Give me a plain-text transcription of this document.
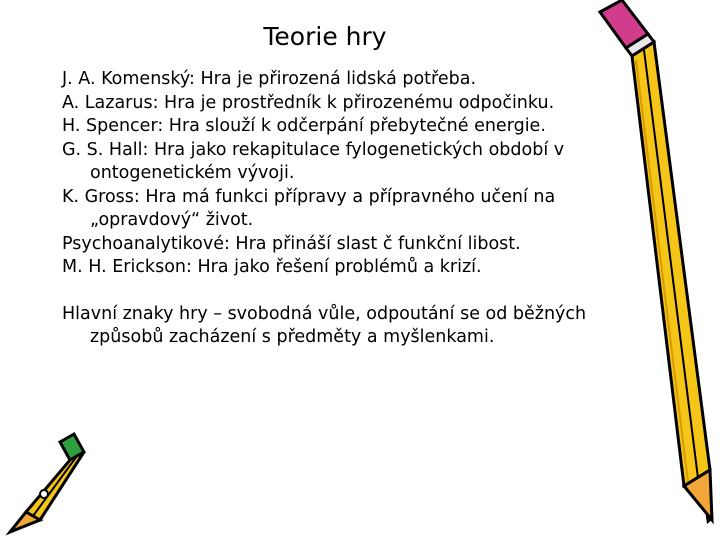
Teorie hry

J. A. Komenský: Hra je přirozená lidská potřeba.

A. Lazarus: Hra je prostředník k přirozenému odpočinku.

H. Spencer: Hra slouží k odčerpání přebytečné energie.

G. S. Hall: Hra jako rekapitulace fylogenetických období v ontogenetickém vývoji.

K. Gross: Hra má funkci přípravy a přípravného učení na „opravdový“ život.

Psychoanalytikové: Hra přináší slast č funkční libost.

M. H. Erickson: Hra jako řešení problémů a krizí.

Hlavní znaky hry – svobodná vůle, odpoutání se od běžných způsobů zacházení s předměty a myšlenkami.
